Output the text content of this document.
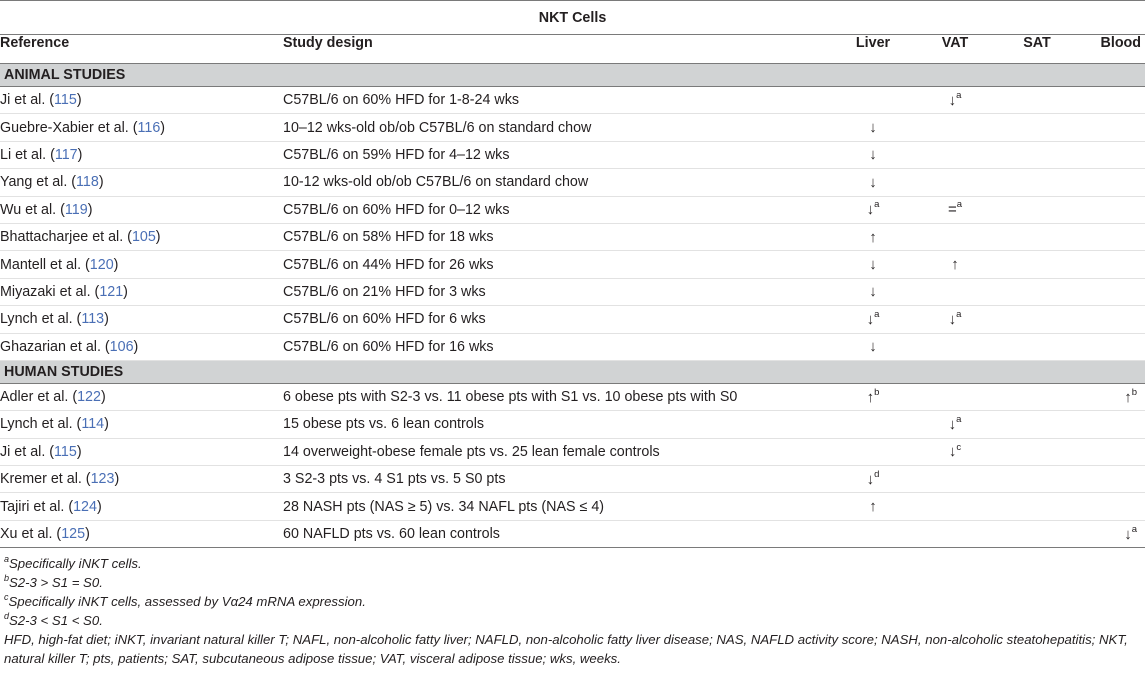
NKT Cells					
Reference	Study design	Liver	VAT	SAT	Blood
ANIMAL STUDIES					
Ji et al. (115)	C57BL/6 on 60% HFD for 1-8-24 wks		↓$^a$		
Guebre-Xabier et al. (116)	10–12 wks-old ob/ob C57BL/6 on standard chow	↓			
Li et al. (117)	C57BL/6 on 59% HFD for 4–12 wks	↓			
Yang et al. (118)	10-12 wks-old ob/ob C57BL/6 on standard chow	↓			
Wu et al. (119)	C57BL/6 on 60% HFD for 0–12 wks	↓$^a$	=$^a$		
Bhattacharjee et al. (105)	C57BL/6 on 58% HFD for 18 wks	↑			
Mantell et al. (120)	C57BL/6 on 44% HFD for 26 wks	↓	↑		
Miyazaki et al. (121)	C57BL/6 on 21% HFD for 3 wks	↓			
Lynch et al. (113)	C57BL/6 on 60% HFD for 6 wks	↓$^a$	↓$^a$		
Ghazarian et al. (106)	C57BL/6 on 60% HFD for 16 wks	↓			
HUMAN STUDIES					
Adler et al. (122)	6 obese pts with S2-3 vs. 11 obese pts with S1 vs. 10 obese pts with S0	↑$^b$			↑$^b$
Lynch et al. (114)	15 obese pts vs. 6 lean controls		↓$^a$		
Ji et al. (115)	14 overweight-obese female pts vs. 25 lean female controls		↓$^c$		
Kremer et al. (123)	3 S2-3 pts vs. 4 S1 pts vs. 5 S0 pts	↓$^d$			
Tajiri et al. (124)	28 NASH pts (NAS ≥ 5) vs. 34 NAFL pts (NAS ≤ 4)	↑			
Xu et al. (125)	60 NAFLD pts vs. 60 lean controls				↓$^a$
$^a$Specifically iNKT cells.
$^b$S2-3 > S1 = S0.
$^c$Specifically iNKT cells, assessed by Vα24 mRNA expression.
$^d$S2-3 < S1 < S0.
HFD, high-fat diet; iNKT, invariant natural killer T; NAFL, non-alcoholic fatty liver; NAFLD, non-alcoholic fatty liver disease; NAS, NAFLD activity score; NASH, non-alcoholic steatohepatitis; NKT, natural killer T; pts, patients; SAT, subcutaneous adipose tissue; VAT, visceral adipose tissue; wks, weeks.
